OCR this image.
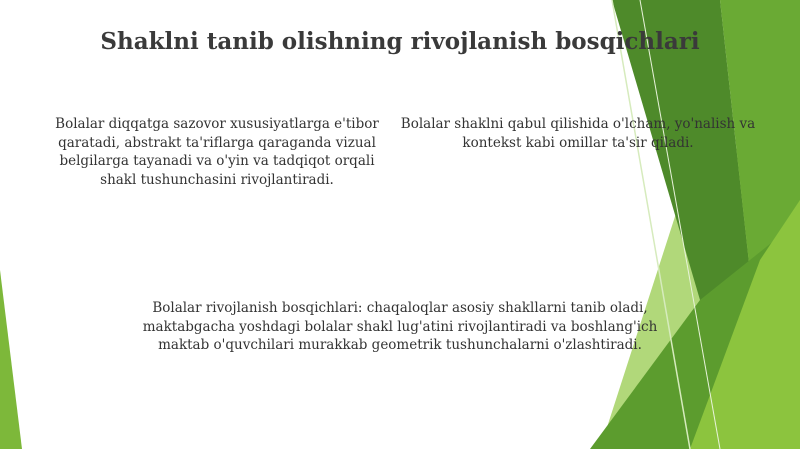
Shaklni tanib olishning rivojlanish bosqichlari
Bolalar diqqatga sazovor xususiyatlarga e'tibor qaratadi, abstrakt ta'riflarga qaraganda vizual belgilarga tayanadi va o'yin va tadqiqot orqali shakl tushunchasini rivojlantiradi.
Bolalar shaklni qabul qilishida o'lcham, yo'nalish va kontekst kabi omillar ta'sir qiladi.
Bolalar rivojlanish bosqichlari: chaqaloqlar asosiy shakllarni tanib oladi, maktabgacha yoshdagi bolalar shakl lug'atini rivojlantiradi va boshlang'ich maktab o'quvchilari murakkab geometrik tushunchalarni o'zlashtiradi.
